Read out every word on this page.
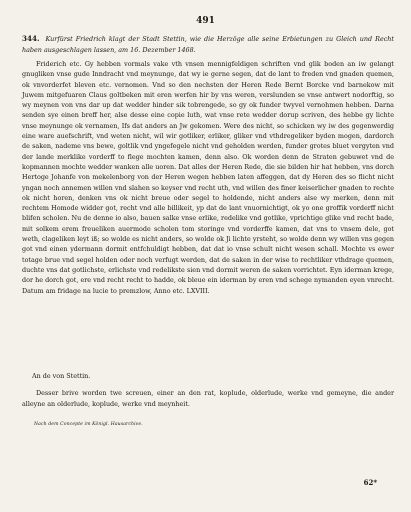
491
344. Kurfürst Friedrich klagt der Stadt Stettin, wie die Herzöge alle seine Erbietungen zu Gleich und Recht haben ausgeschlagen lassen, am 16. Dezember 1468.

Friderich etc. Gy hebben vormals vake vth vnsen mennigfeldigen schriften vnd glik boden an iw gelangt gnugliken vnse gude Inndracht vnd meynunge, dat wy ie gerne segen, dat de lant to freden vnd gnaden quemen, ok vnvorderfet bleven etc. vernomen. Vnd so den nechsten der Heren Rede Bernt Borcke vnd barnekow mit Juwem mitgefuaren Claus goltbeken mit eren werfen hir by vns weren, verslunden se vnse antwert nodorftig, so wy meynen von vns dar up dat wedder hinder sik tobrengede, so gy ok funder twyvel vernohmen hebben. Darna senden sye einen breff her, alse desse eine copie luth, wat vnse rete wedder dorup scriven, des hebbe gy lichte vnse meynunge ok vernamen, Ifs dat anders an Jw gekomen. Were des nicht, so schicken wy iw des gegenwerdig eine ware auefschrift, vnd weten nicht, wil wir gotliker, erliker, gliker vnd vthdregeliker byden mogen, dardorch de saken, nademe vns bewe, goltlik vnd yngefegele nicht vnd geholden werden, funder grotes bluet vergyten vnd der lande merklike vorderff to flege mochten kamen, denn also. Ok worden denn de Straten gebuwet vnd de kopmannen mochte wedder wanken alle uoren. Dat alles der Heren Rede, die sie bilden hir hat hebben, vns dorch Hertoge Johanfe von mekelenborg von der Heren wegen hebben laten affeggen, dat dy Heren des so flicht nicht yngan noch annemen willen vnd slahen so keyser vnd recht uth, vnd willen des finer keiserlicher gnaden to rechte ok nicht horen, denken vns ok nicht breue oder segel to holdende, nicht anders alse wy merken, denn mit rechtem Homode widder got, recht vnd alle billikeit, yp dat de lant vnuornichtigt, ok yo one groffik vorderff nicht blifen scholen. Nu de denne io also, bauen salke vnse erlike, redelike vnd gotlike, vprichtige glike vnd recht bade, mit solkem erem freueliken auermode scholen tom storinge vnd vorderffe kamen, dat vns to vnsem dele, got weth, clageliken leyt iß; so wolde es nicht anders, so wolde ok Ji lichte yrsteht, so wolde denn wy willen vns gegen got vnd einen ydermann dormit entfchuldigt hebben, dat dat io vnse schult nicht wesen schall. Mochte vs ewer totage brue vnd segel holden oder noch verfugt werden, dat de saken in der wise to rechtliker vthdrage quemen, duchte vns dat gotlichste, erlichste vnd redelikste sien vnd dormit weren de saken vorrichtet. Eyn iderman krege, dor he dorch got, ere vnd recht recht to hadde, ok bleue ein iderman by eren vnd schege nymanden eyen vnrecht. Datum am fridage na lucie to premzlow, Anno etc. LXVIII.

An de von Stettin.

Desser brive worden twe screuen, einer an den rat, koplude, olderlude, werke vnd gemeyne, die ander alleyne an olderlude, koplude, werke vnd meynheit.

Nach dem Concepte im Königl. Hausarchive.
62*
